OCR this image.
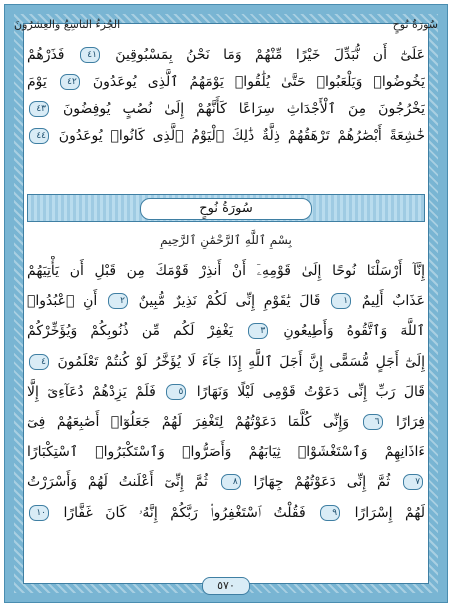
سُورَةُ نُوحٍ
الجُزءُ التاسِعُ والعِشرُونَ
عَلَىٰٓ أَن نُّبَدِّلَ خَيْرًا مِّنْهُمْ وَمَا نَحْنُ بِمَسْبُوقِينَ ٤١ فَذَرْهُمْ
يَخُوضُوا۟ وَيَلْعَبُوا۟ حَتَّىٰ يُلَٰقُوا۟ يَوْمَهُمُ ٱلَّذِى يُوعَدُونَ ٤٢ يَوْمَ
يَخْرُجُونَ مِنَ ٱلْأَجْدَاثِ سِرَاعًا كَأَنَّهُمْ إِلَىٰ نُصُبٍ يُوفِضُونَ ٤٣
خَٰشِعَةً أَبْصَٰرُهُمْ تَرْهَقُهُمْ ذِلَّةٌ ذَٰلِكَ ٱلْيَوْمُ ٱلَّذِى كَانُوا۟ يُوعَدُونَ ٤٤
سُورَةُ نُوحٍ
بِسْمِ ٱللَّهِ ٱلرَّحْمَٰنِ ٱلرَّحِيمِ
إِنَّآ أَرْسَلْنَا نُوحًا إِلَىٰ قَوْمِهِۦٓ أَنْ أَنذِرْ قَوْمَكَ مِن قَبْلِ أَن يَأْتِيَهُمْ
عَذَابٌ أَلِيمٌ ١ قَالَ يَٰقَوْمِ إِنِّى لَكُمْ نَذِيرٌ مُّبِينٌ ٢ أَنِ ٱعْبُدُوا۟
ٱللَّهَ وَٱتَّقُوهُ وَأَطِيعُونِ ٣ يَغْفِرْ لَكُم مِّن ذُنُوبِكُمْ وَيُؤَخِّرْكُمْ
إِلَىٰٓ أَجَلٍ مُّسَمًّى إِنَّ أَجَلَ ٱللَّهِ إِذَا جَآءَ لَا يُؤَخَّرُ لَوْ كُنتُمْ تَعْلَمُونَ ٤
قَالَ رَبِّ إِنِّى دَعَوْتُ قَوْمِى لَيْلًا وَنَهَارًا ٥ فَلَمْ يَزِدْهُمْ دُعَآءِىٓ إِلَّا
فِرَارًا ٦ وَإِنِّى كُلَّمَا دَعَوْتُهُمْ لِتَغْفِرَ لَهُمْ جَعَلُوٓا۟ أَصَٰبِعَهُمْ فِىٓ
ءَاذَانِهِمْ وَٱسْتَغْشَوْا۟ ثِيَابَهُمْ وَأَصَرُّوا۟ وَٱسْتَكْبَرُوا۟ ٱسْتِكْبَارًا
٧ ثُمَّ إِنِّى دَعَوْتُهُمْ جِهَارًا ٨ ثُمَّ إِنِّىٓ أَعْلَنتُ لَهُمْ وَأَسْرَرْتُ
لَهُمْ إِسْرَارًا ٩ فَقُلْتُ ٱسْتَغْفِرُوا۟ رَبَّكُمْ إِنَّهُۥ كَانَ غَفَّارًا ١٠
٥٧٠
